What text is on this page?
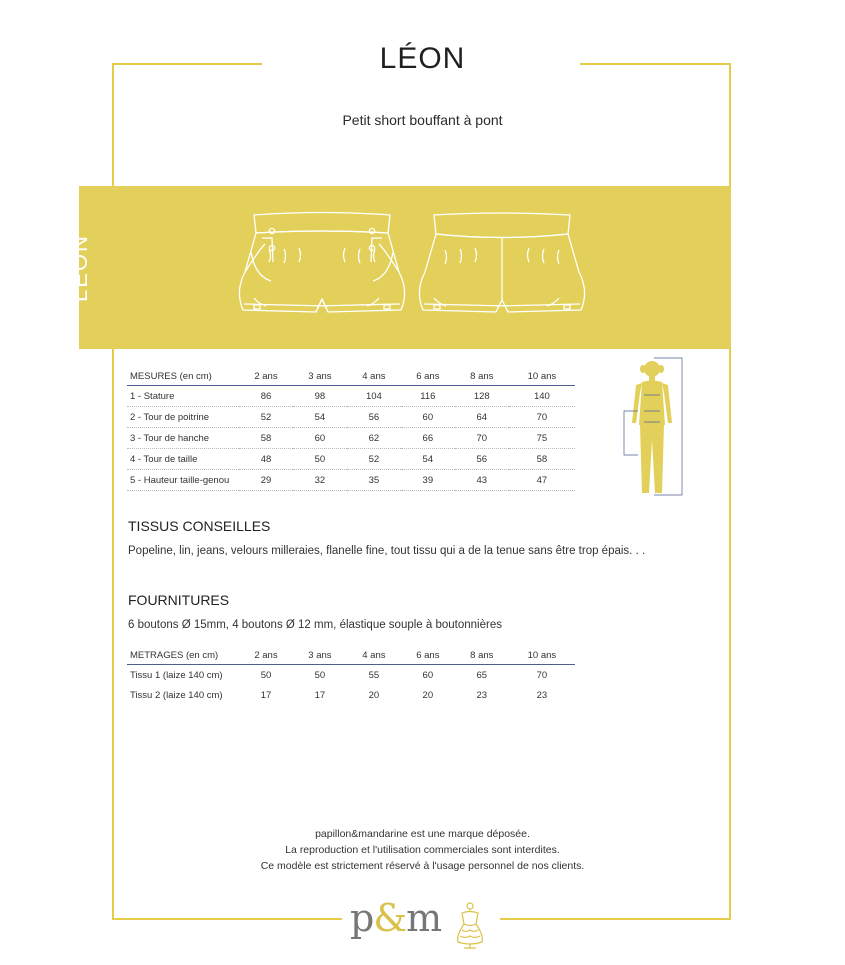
LÉON
Petit short bouffant à pont
LÉON
MESURES (en cm)	2 ans	3 ans	4 ans	6 ans	8 ans	10 ans
1 - Stature	86	98	104	116	128	140
2 - Tour de poitrine	52	54	56	60	64	70
3 - Tour de hanche	58	60	62	66	70	75
4 - Tour de taille	48	50	52	54	56	58
5 - Hauteur taille-genou	29	32	35	39	43	47
TISSUS CONSEILLES
Popeline, lin, jeans, velours milleraies, flanelle fine, tout tissu qui a de la tenue sans être trop épais. . .
FOURNITURES
6 boutons Ø 15mm, 4 boutons Ø 12 mm, élastique souple à boutonnières
METRAGES (en cm)	2 ans	3 ans	4 ans	6 ans	8 ans	10 ans
Tissu 1 (laize 140 cm)	50	50	55	60	65	70
Tissu 2 (laize 140 cm)	17	17	20	20	23	23
papillon&mandarine est une marque déposée.
La reproduction et l'utilisation commerciales sont interdites.
Ce modèle est strictement réservé à l'usage personnel de nos clients.
p&m
